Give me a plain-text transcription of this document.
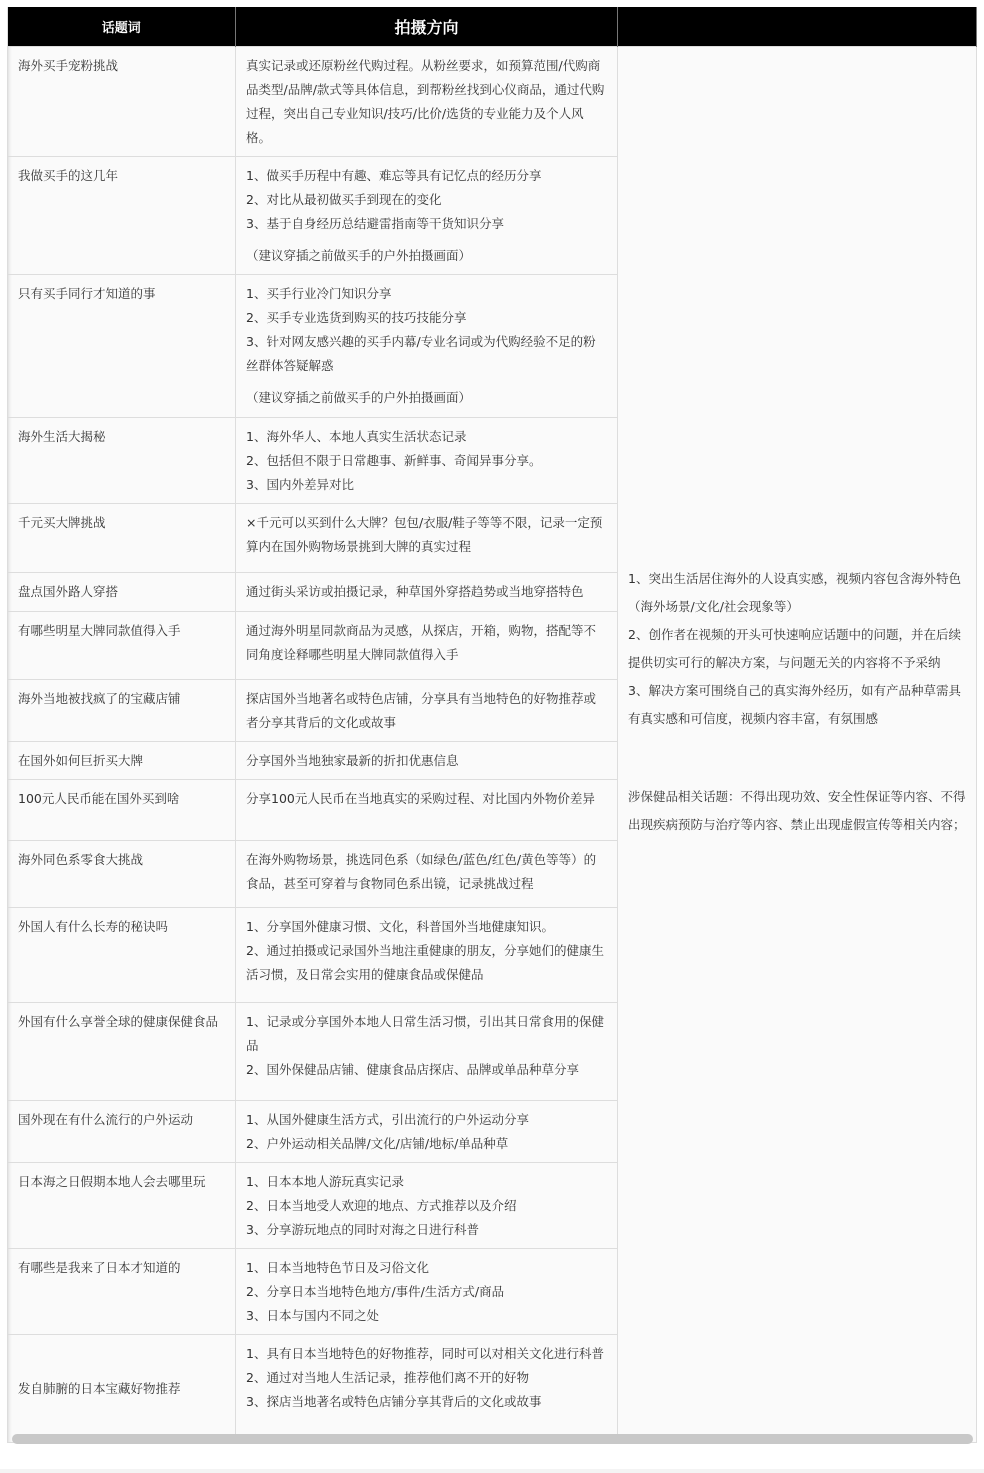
话题词	拍摄方向	
海外买手宠粉挑战	真实记录或还原粉丝代购过程。从粉丝要求，如预算范围/代购商品类型/品牌/款式等具体信息，到帮粉丝找到心仪商品，通过代购过程，突出自己专业知识/技巧/比价/选货的专业能力及个人风格。	1、突出生活居住海外的人设真实感，视频内容包含海外特色（海外场景/文化/社会现象等）
2、创作者在视频的开头可快速响应话题中的问题，并在后续提供切实可行的解决方案，与问题无关的内容将不予采纳
3、解决方案可围绕自己的真实海外经历，如有产品种草需具有真实感和可信度，视频内容丰富，有氛围感
涉保健品相关话题：不得出现功效、安全性保证等内容、不得出现疾病预防与治疗等内容、禁止出现虚假宣传等相关内容；

我做买手的这几年	1、做买手历程中有趣、难忘等具有记忆点的经历分享
2、对比从最初做买手到现在的变化
3、基于自身经历总结避雷指南等干货知识分享
（建议穿插之前做买手的户外拍摄画面）	

只有买手同行才知道的事	1、买手行业冷门知识分享
2、买手专业选货到购买的技巧技能分享
3、针对网友感兴趣的买手内幕/专业名词或为代购经验不足的粉丝群体答疑解惑
（建议穿插之前做买手的户外拍摄画面）	

海外生活大揭秘	1、海外华人、本地人真实生活状态记录
2、包括但不限于日常趣事、新鲜事、奇闻异事分享。
3、国内外差异对比	

千元买大牌挑战	×千元可以买到什么大牌？包包/衣服/鞋子等等不限，记录一定预算内在国外购物场景挑到大牌的真实过程	

盘点国外路人穿搭	通过街头采访或拍摄记录，种草国外穿搭趋势或当地穿搭特色	

有哪些明星大牌同款值得入手	通过海外明星同款商品为灵感，从探店，开箱，购物，搭配等不同角度诠释哪些明星大牌同款值得入手	

海外当地被找疯了的宝藏店铺	探店国外当地著名或特色店铺，分享具有当地特色的好物推荐或者分享其背后的文化或故事	

在国外如何巨折买大牌	分享国外当地独家最新的折扣优惠信息	

100元人民币能在国外买到啥	分享100元人民币在当地真实的采购过程、对比国内外物价差异	

海外同色系零食大挑战	在海外购物场景，挑选同色系（如绿色/蓝色/红色/黄色等等）的食品，甚至可穿着与食物同色系出镜，记录挑战过程	

外国人有什么长寿的秘诀吗	1、分享国外健康习惯、文化，科普国外当地健康知识。
2、通过拍摄或记录国外当地注重健康的朋友，分享她们的健康生活习惯，及日常会实用的健康食品或保健品	

外国有什么享誉全球的健康保健食品	1、记录或分享国外本地人日常生活习惯，引出其日常食用的保健品
2、国外保健品店铺、健康食品店探店、品牌或单品种草分享	

国外现在有什么流行的户外运动	1、从国外健康生活方式，引出流行的户外运动分享
2、户外运动相关品牌/文化/店铺/地标/单品种草	

日本海之日假期本地人会去哪里玩	1、日本本地人游玩真实记录
2、日本当地受人欢迎的地点、方式推荐以及介绍
3、分享游玩地点的同时对海之日进行科普	

有哪些是我来了日本才知道的	1、日本当地特色节日及习俗文化
2、分享日本当地特色地方/事件/生活方式/商品
3、日本与国内不同之处	

发自肺腑的日本宝藏好物推荐	1、具有日本当地特色的好物推荐，同时可以对相关文化进行科普
2、通过对当地人生活记录，推荐他们离不开的好物
3、探店当地著名或特色店铺分享其背后的文化或故事	
